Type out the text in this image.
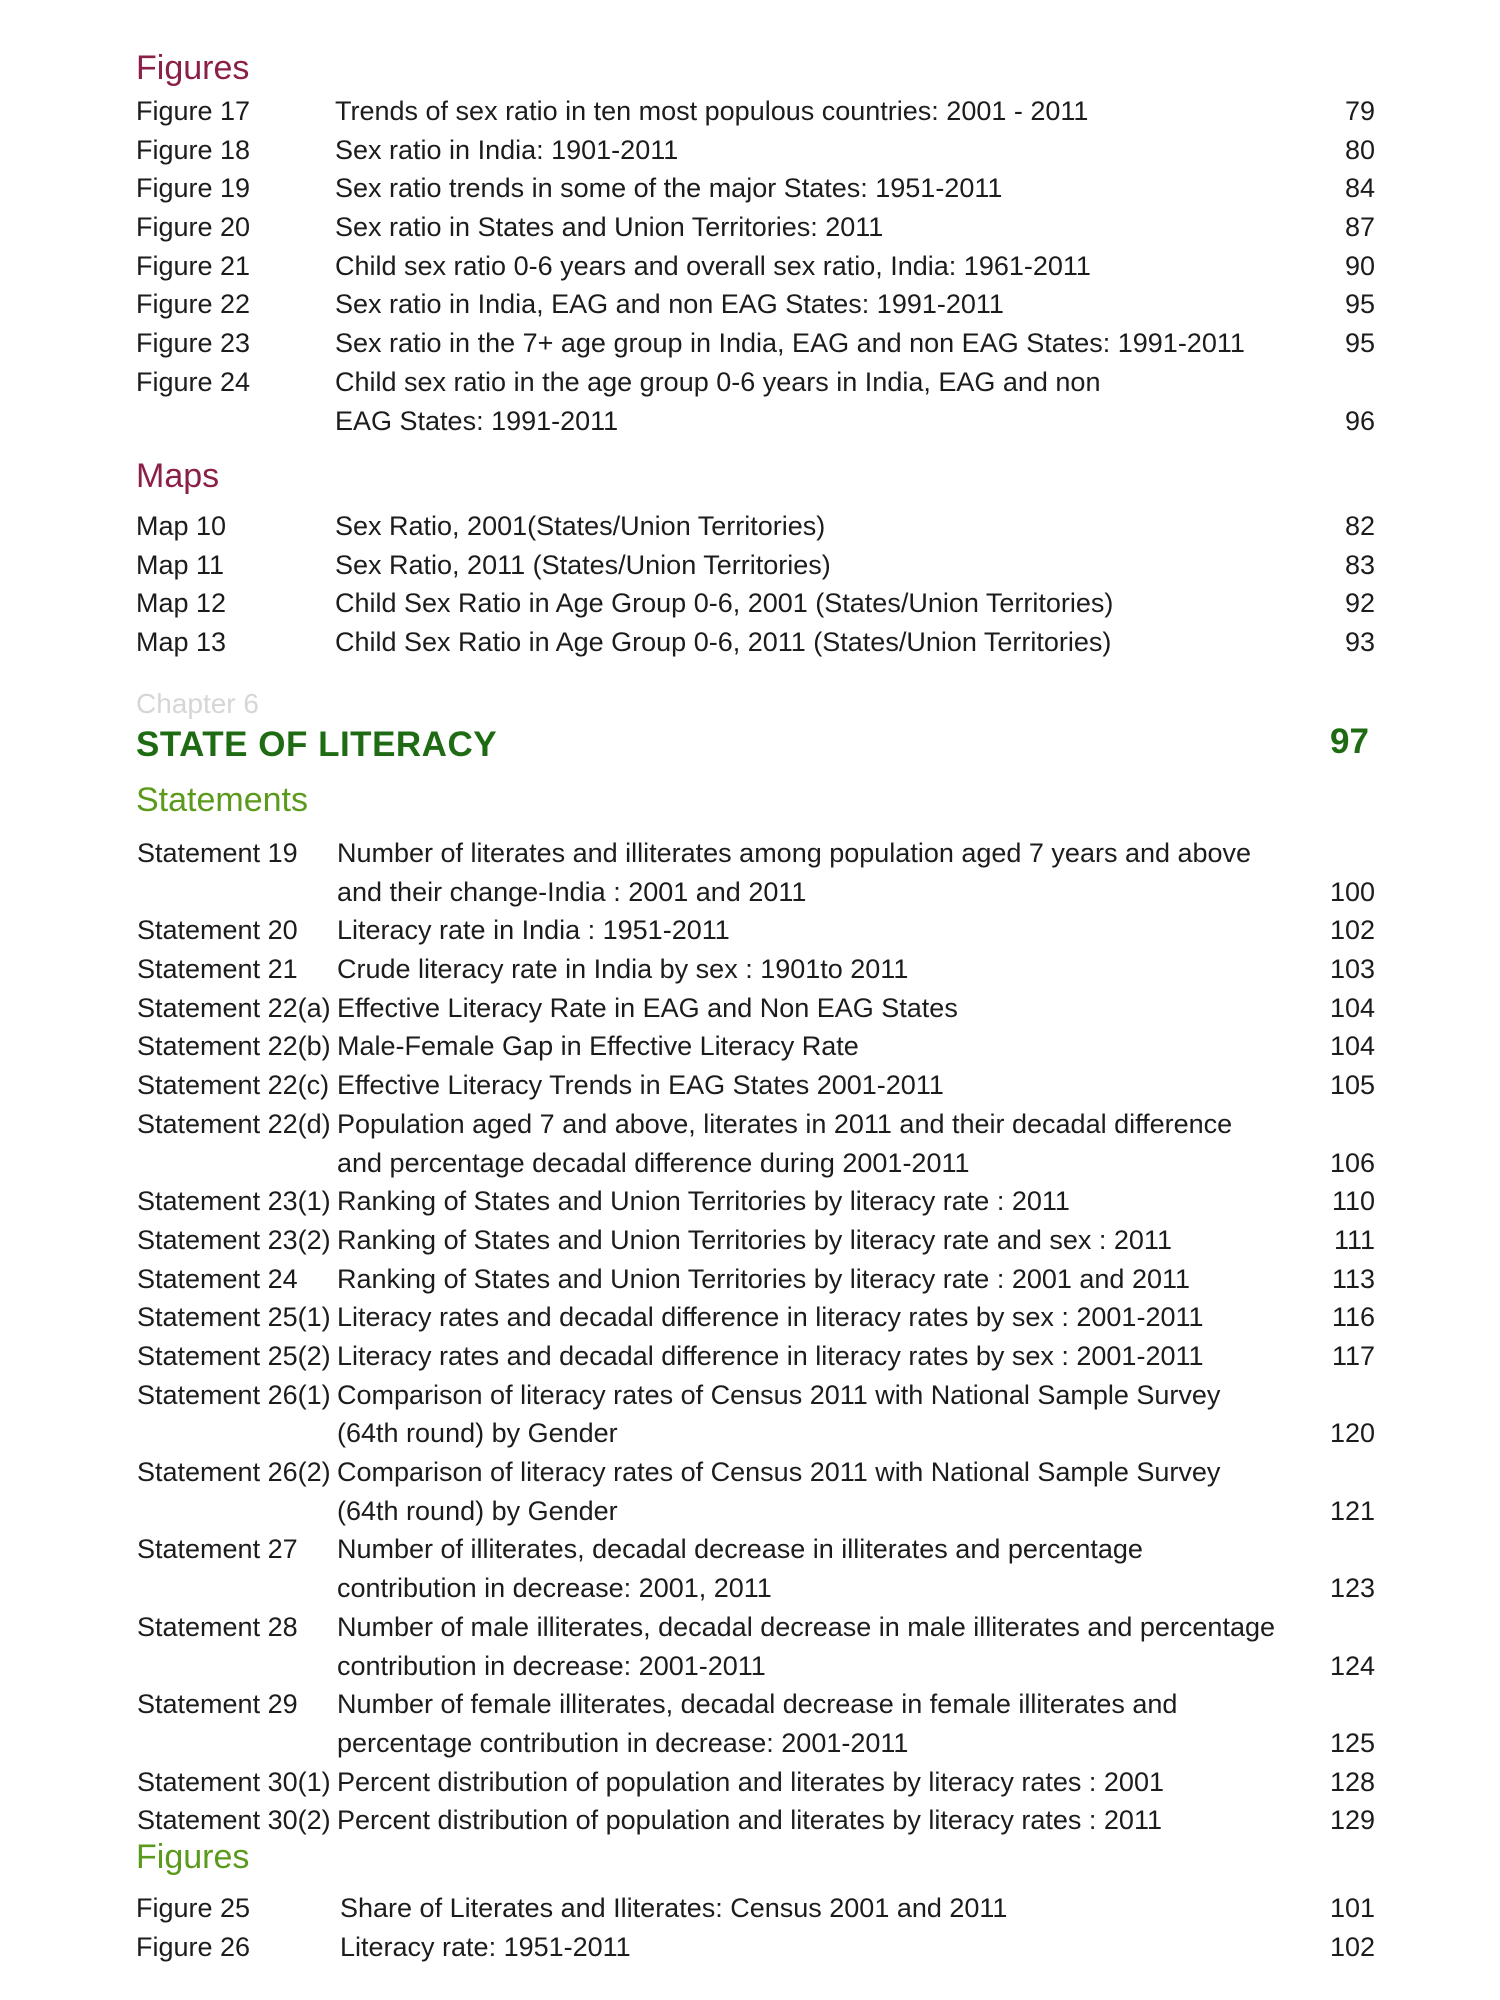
Figures
Figure 17	Trends of sex ratio in ten most populous countries: 2001 - 2011	79
Figure 18	Sex ratio in India: 1901-2011	80
Figure 19	Sex ratio trends in some of the major States: 1951-2011	84
Figure 20	Sex ratio in States and Union Territories: 2011	87
Figure 21	Child sex ratio 0-6 years and overall sex ratio, India: 1961-2011	90
Figure 22	Sex ratio in India, EAG and non EAG States: 1991-2011	95
Figure 23	Sex ratio in the 7+ age group in India, EAG and non EAG States: 1991-2011	95
Figure 24	Child sex ratio in the age group 0-6 years in India, EAG and non
EAG States: 1991-2011	96
Maps
Map 10	Sex Ratio, 2001(States/Union Territories)	82
Map 11	Sex Ratio, 2011 (States/Union Territories)	83
Map 12	Child Sex Ratio in Age Group 0-6, 2001 (States/Union Territories)	92
Map 13	Child Sex Ratio in Age Group 0-6, 2011 (States/Union Territories)	93
Chapter 6
STATE OF LITERACY	97
Statements
Statement 19 Number of literates and illiterates among population aged 7 years and above
and their change-India : 2001 and 2011	100
Statement 20 Literacy rate in India : 1951-2011	102
Statement 21 Crude literacy rate in India by sex : 1901to 2011	103
Statement 22(a) Effective Literacy Rate in EAG and Non EAG States	104
Statement 22(b) Male-Female Gap in Effective Literacy Rate	104
Statement 22(c) Effective Literacy Trends in EAG States 2001-2011	105
Statement 22(d) Population aged 7 and above, literates in 2011 and their decadal difference
and percentage decadal difference during 2001-2011	106
Statement 23(1) Ranking of States and Union Territories by literacy rate : 2011	110
Statement 23(2) Ranking of States and Union Territories by literacy rate and sex : 2011	111
Statement 24 Ranking of States and Union Territories by literacy rate : 2001 and 2011	113
Statement 25(1) Literacy rates and decadal difference in literacy rates by sex : 2001-2011	116
Statement 25(2) Literacy rates and decadal difference in literacy rates by sex : 2001-2011	117
Statement 26(1) Comparison of literacy rates of Census 2011 with National Sample Survey
(64th round) by Gender	120
Statement 26(2) Comparison of literacy rates of Census 2011 with National Sample Survey
(64th round) by Gender	121
Statement 27 Number of illiterates, decadal decrease in illiterates and percentage
contribution in decrease: 2001, 2011	123
Statement 28 Number of male illiterates, decadal decrease in male illiterates and percentage
contribution in decrease: 2001-2011	124
Statement 29 Number of female illiterates, decadal decrease in female illiterates and
percentage contribution in decrease: 2001-2011	125
Statement 30(1) Percent distribution of population and literates by literacy rates : 2001	128
Statement 30(2) Percent distribution of population and literates by literacy rates : 2011	129
Figures
Figure 25	Share of Literates and Iliterates: Census 2001 and 2011	101
Figure 26	Literacy rate: 1951-2011	102
